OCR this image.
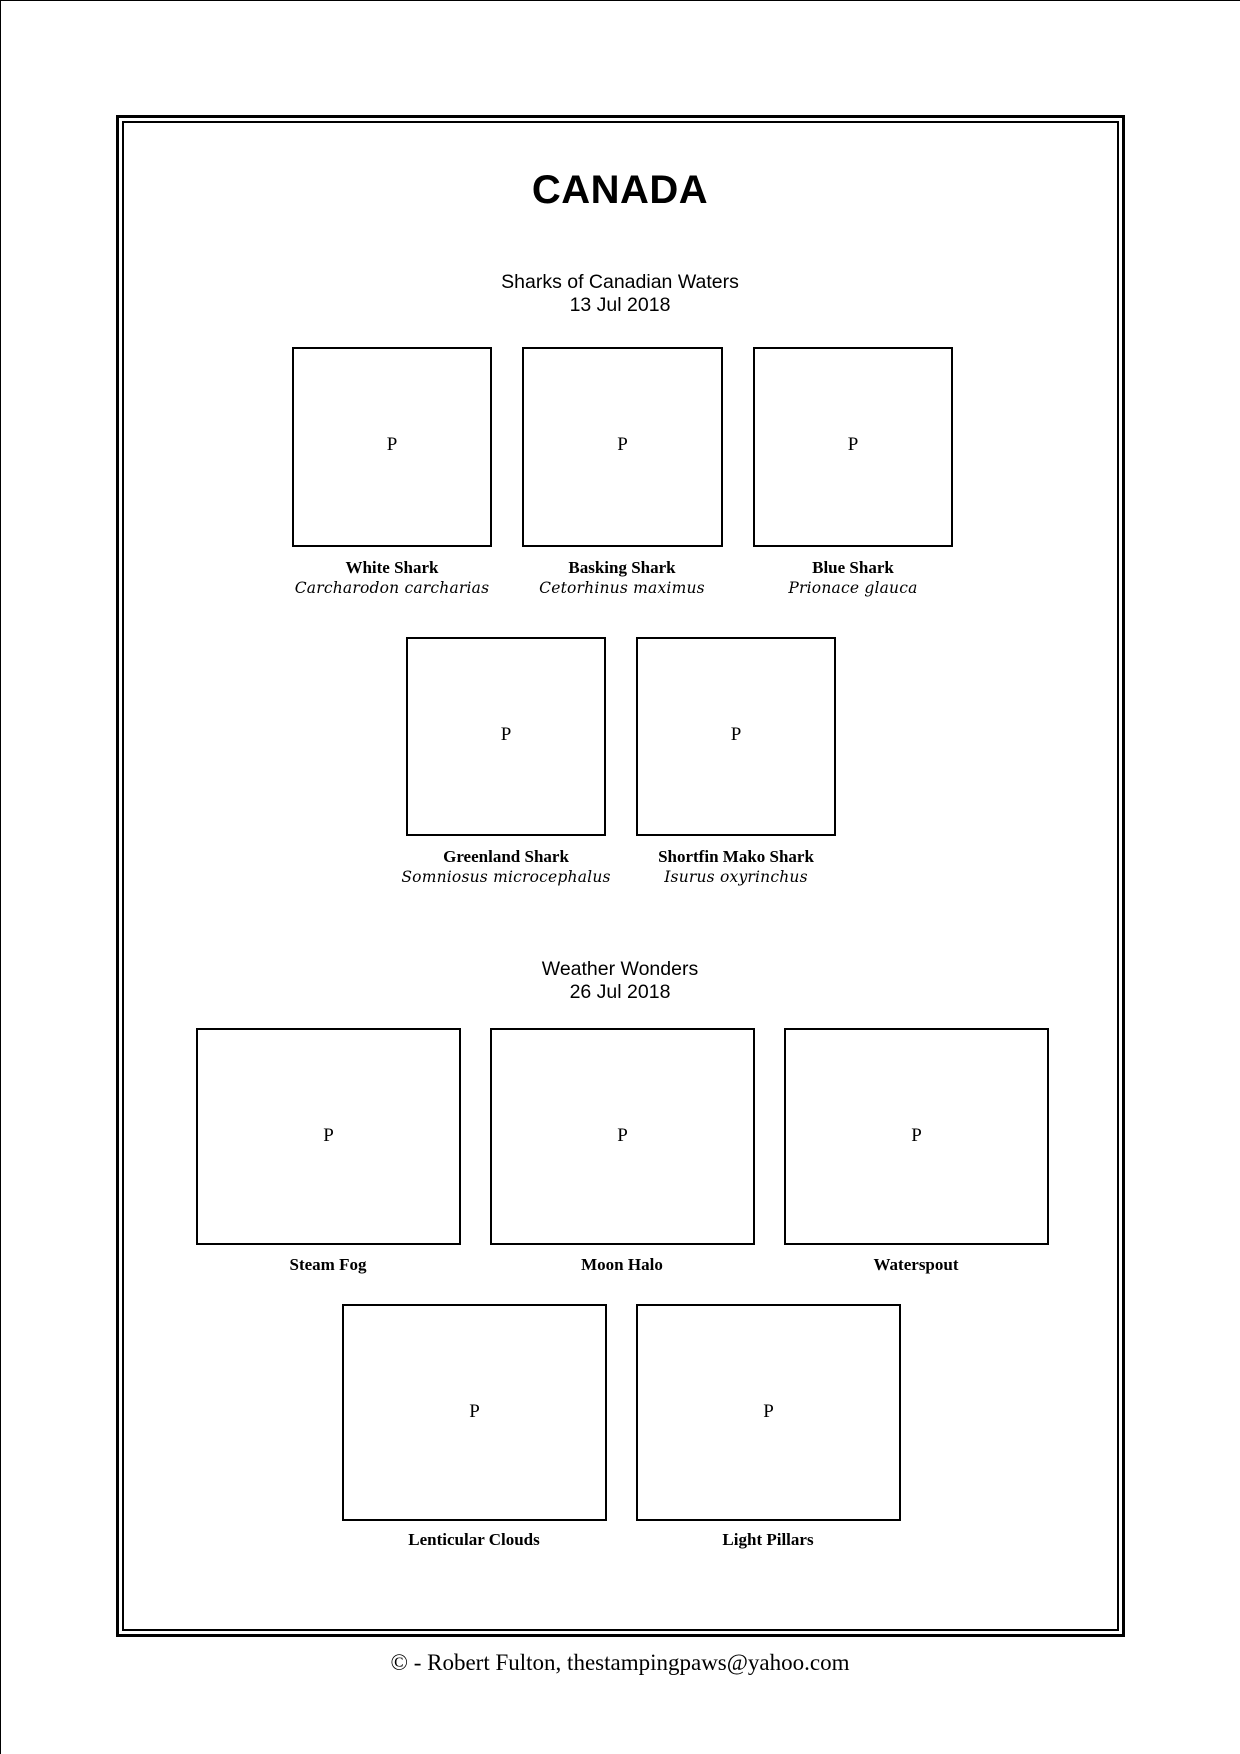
CANADA
Sharks of Canadian Waters
13 Jul 2018
P
White Shark
Carcharodon carcharias
P
Basking Shark
Cetorhinus maximus
P
Blue Shark
Prionace glauca
P
Greenland Shark
Somniosus microcephalus
P
Shortfin Mako Shark
Isurus oxyrinchus
Weather Wonders
26 Jul 2018
P
Steam Fog
P
Moon Halo
P
Waterspout
P
Lenticular Clouds
P
Light Pillars
© - Robert Fulton, thestampingpaws@yahoo.com
